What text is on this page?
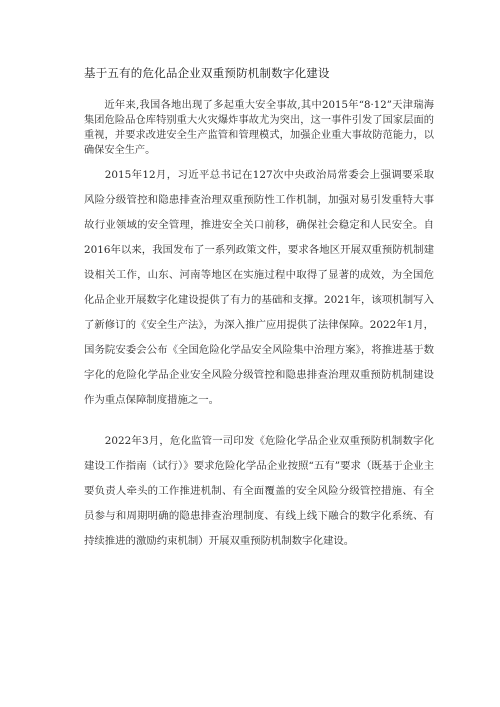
基于五有的危化品企业双重预防机制数字化建设
近年来,我国各地出现了多起重大安全事故,其中2015年“8·12”天津瑞海集团危险品仓库特别重大火灾爆炸事故尤为突出，这一事件引发了国家层面的重视，并要求改进安全生产监管和管理模式，加强企业重大事故防范能力，以确保安全生产。
2015年12月，习近平总书记在127次中央政治局常委会上强调要采取风险分级管控和隐患排查治理双重预防性工作机制，加强对易引发重特大事故行业领域的安全管理，推进安全关口前移，确保社会稳定和人民安全。自2016年以来，我国发布了一系列政策文件，要求各地区开展双重预防机制建设相关工作，山东、河南等地区在实施过程中取得了显著的成效，为全国危化品企业开展数字化建设提供了有力的基础和支撑。2021年，该项机制写入了新修订的《安全生产法》，为深入推广应用提供了法律保障。2022年1月，国务院安委会公布《全国危险化学品安全风险集中治理方案》，将推进基于数字化的危险化学品企业安全风险分级管控和隐患排查治理双重预防机制建设作为重点保障制度措施之一。
2022年3月，危化监管一司印发《危险化学品企业双重预防机制数字化建设工作指南（试行）》要求危险化学品企业按照“五有”要求（既基于企业主要负责人牵头的工作推进机制、有全面覆盖的安全风险分级管控措施、有全员参与和周期明确的隐患排查治理制度、有线上线下融合的数字化系统、有持续推进的激励约束机制）开展双重预防机制数字化建设。
